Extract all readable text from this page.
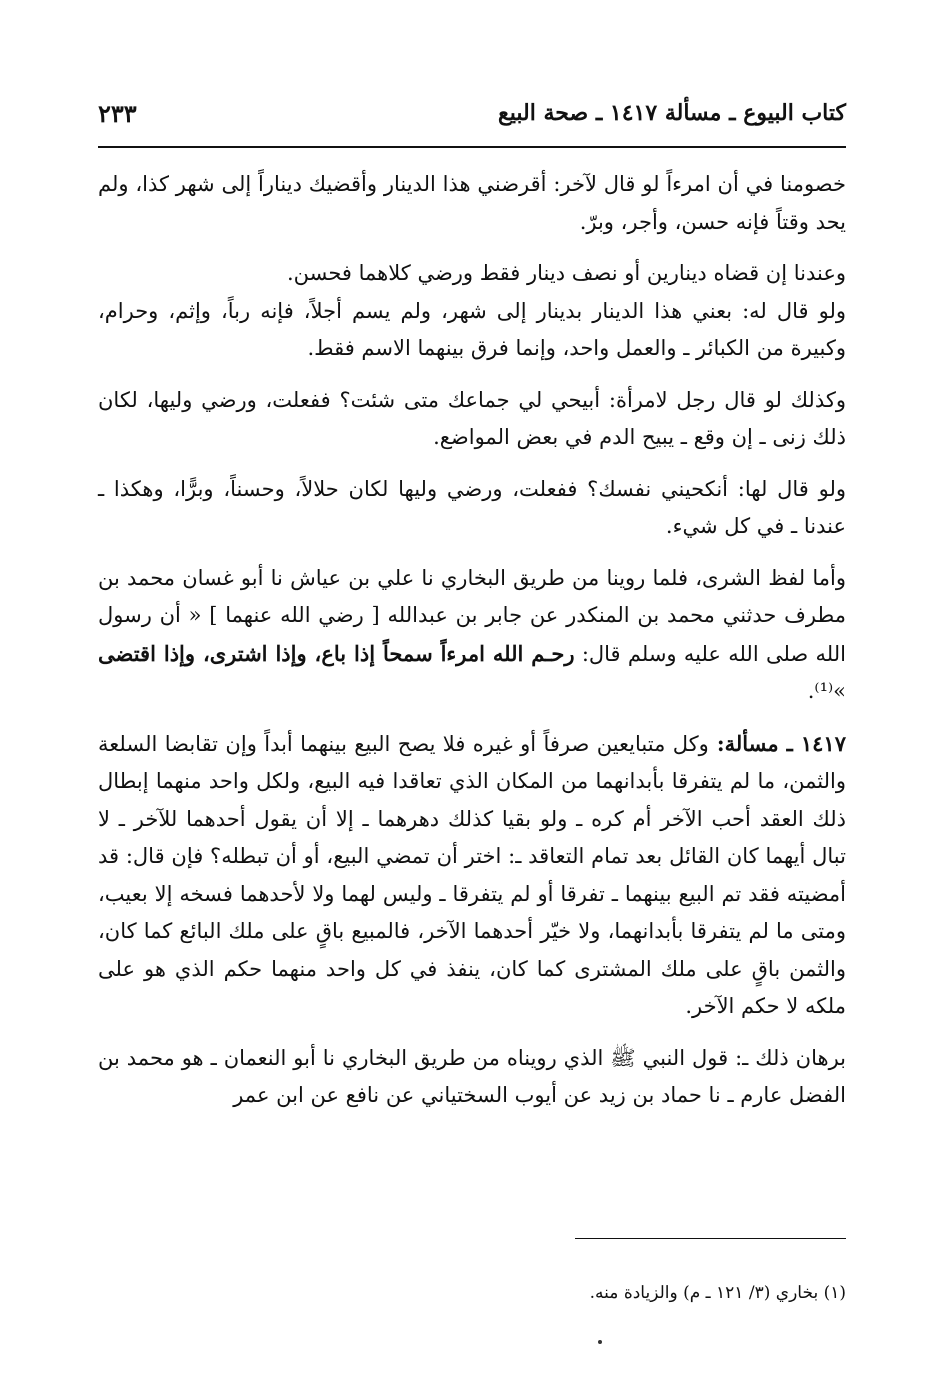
كتاب البيوع ـ مسألة ١٤١٧ ـ صحة البيع
٢٣٣

خصومنا في أن امرءاً لو قال لآخر: أقرضني هذا الدينار وأقضيك ديناراً إلى شهر كذا، ولم يحد وقتاً فإنه حسن، وأجر، وبرّ.

وعندنا إن قضاه دينارين أو نصف دينار فقط ورضي كلاهما فحسن.

ولو قال له: بعني هذا الدينار بدينار إلى شهر، ولم يسم أجلاً، فإنه رباً، وإثم، وحرام، وكبيرة من الكبائر ـ والعمل واحد، وإنما فرق بينهما الاسم فقط.

وكذلك لو قال رجل لامرأة: أبيحي لي جماعك متى شئت؟ ففعلت، ورضي وليها، لكان ذلك زنى ـ إن وقع ـ يبيح الدم في بعض المواضع.

ولو قال لها: أنكحيني نفسك؟ ففعلت، ورضي وليها لكان حلالاً، وحسناً، وبرًّا، وهكذا ـ عندنا ـ في كل شيء.

وأما لفظ الشرى، فلما روينا من طريق البخاري نا علي بن عياش نا أبو غسان محمد بن مطرف حدثني محمد بن المنكدر عن جابر بن عبدالله [ رضي الله عنهما ] « أن رسول الله صلى الله عليه وسلم قال: رحـم الله امرءاً سمحاً إذا باع، وإذا اشترى، وإذا اقتضى »⁽¹⁾.

١٤١٧ ـ مسألة: وكل متبايعين صرفاً أو غيره فلا يصح البيع بينهما أبداً وإن تقابضا السلعة والثمن، ما لم يتفرقا بأبدانهما من المكان الذي تعاقدا فيه البيع، ولكل واحد منهما إبطال ذلك العقد أحب الآخر أم كره ـ ولو بقيا كذلك دهرهما ـ إلا أن يقول أحدهما للآخر ـ لا تبال أيهما كان القائل بعد تمام التعاقد ـ: اختر أن تمضي البيع، أو أن تبطله؟ فإن قال: قد أمضيته فقد تم البيع بينهما ـ تفرقا أو لم يتفرقا ـ وليس لهما ولا لأحدهما فسخه إلا بعيب، ومتى ما لم يتفرقا بأبدانهما، ولا خيّر أحدهما الآخر، فالمبيع باقٍ على ملك البائع كما كان، والثمن باقٍ على ملك المشترى كما كان، ينفذ في كل واحد منهما حكم الذي هو على ملكه لا حكم الآخر.

برهان ذلك ـ: قول النبي ﷺ الذي رويناه من طريق البخاري نا أبو النعمان ـ هو محمد بن الفضل عارم ـ نا حماد بن زيد عن أيوب السختياني عن نافع عن ابن عمر

(١) بخاري (٣/ ١٢١ ـ م) والزيادة منه.
